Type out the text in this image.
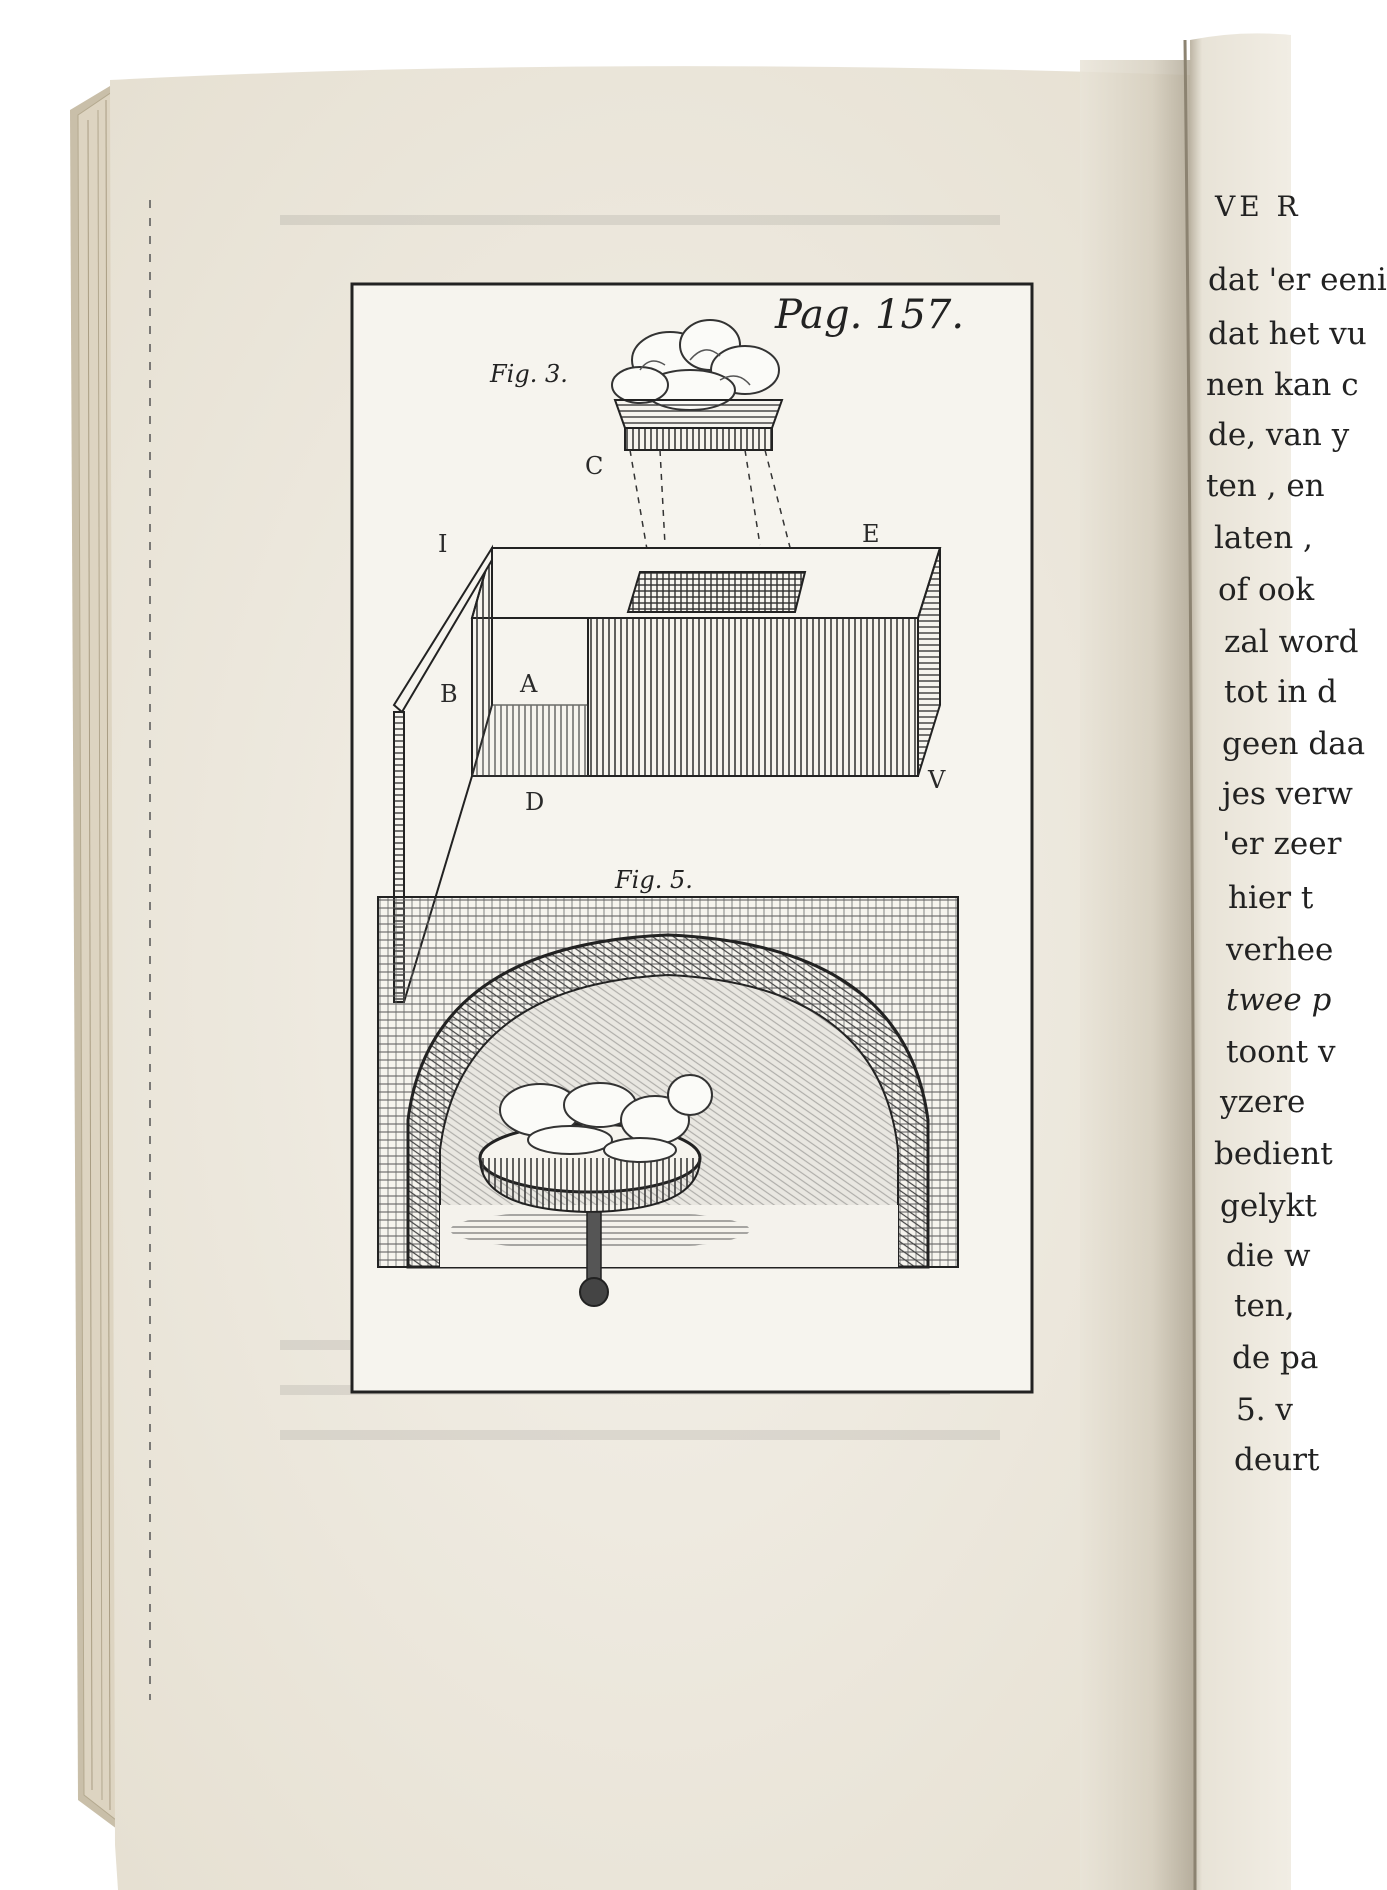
Pag. 157.
Fig. 3.
Fig. 5.
C
I	E
B	A
D
V
VE R
dat 'er eeni
dat het vu
nen kan c
de, van y
ten , en
laten ,
of ook
zal word
tot in d
geen daa
jes verw
'er zeer
hier t
verhee
twee p
toont v
yzere
bedient
gelykt
die w
ten,
de pa
5. v
deurt
